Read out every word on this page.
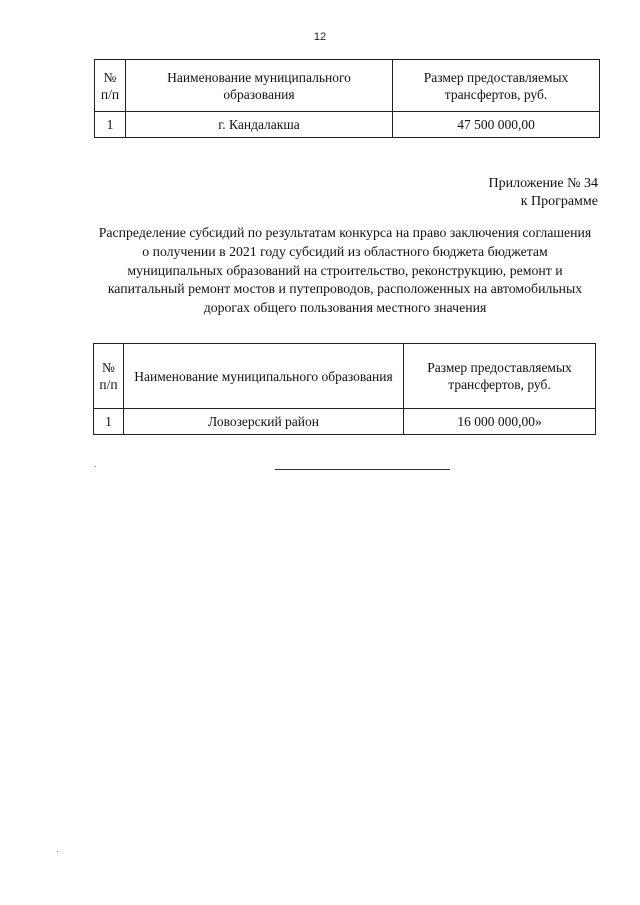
12
№
п/п	Наименование муниципального образования	Размер предоставляемых трансфертов, руб.
1	г. Кандалакша	47 500 000,00
Приложение № 34
к Программе
Распределение субсидий по результатам конкурса на право заключения соглашения о получении в 2021 году субсидий из областного бюджета бюджетам муниципальных образований на строительство, реконструкцию, ремонт и капитальный ремонт мостов и путепроводов, расположенных на автомобильных дорогах общего пользования местного значения
№
п/п	Наименование муниципального образования	Размер предоставляемых трансфертов, руб.
1	Ловозерский район	16 000 000,00»
